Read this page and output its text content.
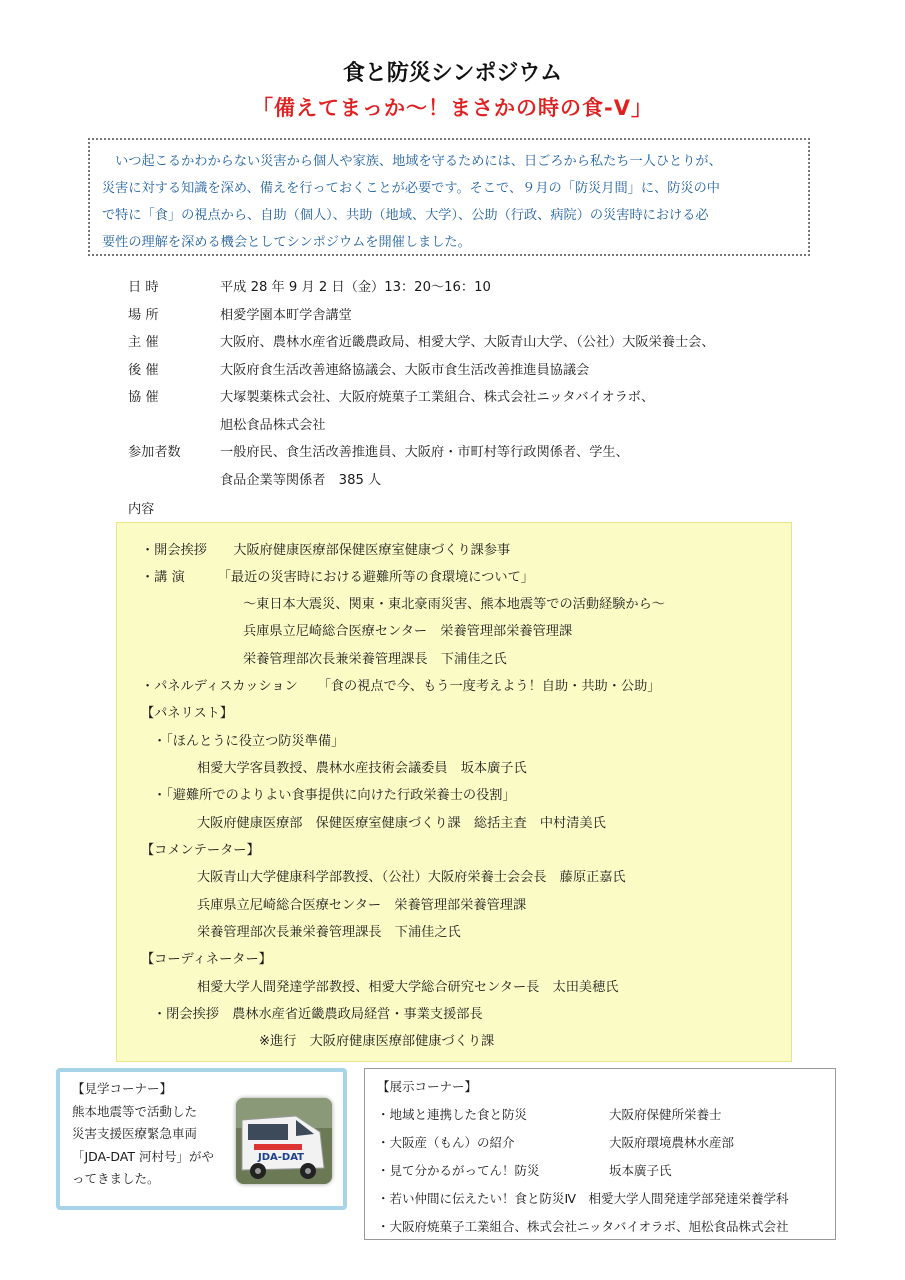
食と防災シンポジウム
「備えてまっか～！まさかの時の食-Ⅴ」
　いつ起こるかわからない災害から個人や家族、地域を守るためには、日ごろから私たち一人ひとりが、
災害に対する知識を深め、備えを行っておくことが必要です。そこで、９月の「防災月間」に、防災の中
で特に「食」の視点から、自助（個人）、共助（地域、大学）、公助（行政、病院）の災害時における必
要性の理解を深める機会としてシンポジウムを開催しました。
日 時	平成 28 年 9 月 2 日（金）13：20～16：10
場 所	相愛学園本町学舎講堂
主 催	大阪府、農林水産省近畿農政局、相愛大学、大阪青山大学、（公社）大阪栄養士会、
後 催	大阪府食生活改善連絡協議会、大阪市食生活改善推進員協議会
協 催	大塚製薬株式会社、大阪府焼菓子工業組合、株式会社ニッタバイオラボ、
旭松食品株式会社
参加者数	一般府民、食生活改善推進員、大阪府・市町村等行政関係者、学生、
食品企業等関係者　385 人
内容
・開会挨拶　　大阪府健康医療部保健医療室健康づくり課参事
・講 演　　　「最近の災害時における避難所等の食環境について」
～東日本大震災、関東・東北豪雨災害、熊本地震等での活動経験から～
兵庫県立尼崎総合医療センター　栄養管理部栄養管理課
栄養管理部次長兼栄養管理課長　下浦佳之氏
・パネルディスカッション　　「食の視点で今、もう一度考えよう！自助・共助・公助」
【パネリスト】
・「ほんとうに役立つ防災準備」
相愛大学客員教授、農林水産技術会議委員　坂本廣子氏
・「避難所でのよりよい食事提供に向けた行政栄養士の役割」
大阪府健康医療部　保健医療室健康づくり課　総括主査　中村清美氏
【コメンテーター】
大阪青山大学健康科学部教授、（公社）大阪府栄養士会会長　藤原正嘉氏
兵庫県立尼崎総合医療センター　栄養管理部栄養管理課
栄養管理部次長兼栄養管理課長　下浦佳之氏
【コーディネーター】
相愛大学人間発達学部教授、相愛大学総合研究センター長　太田美穂氏
・閉会挨拶　農林水産省近畿農政局経営・事業支援部長
※進行　大阪府健康医療部健康づくり課
【見学コーナー】
熊本地震等で活動した
災害支援医療緊急車両
「JDA-DAT 河村号」がや
ってきました。
JDA-DAT
【展示コーナー】
・地域と連携した食と防災	大阪府保健所栄養士
・大阪産（もん）の紹介	大阪府環境農林水産部
・見て分かるがってん！防災	坂本廣子氏
・若い仲間に伝えたい！食と防災Ⅳ　相愛大学人間発達学部発達栄養学科
・大阪府焼菓子工業組合、株式会社ニッタバイオラボ、旭松食品株式会社
